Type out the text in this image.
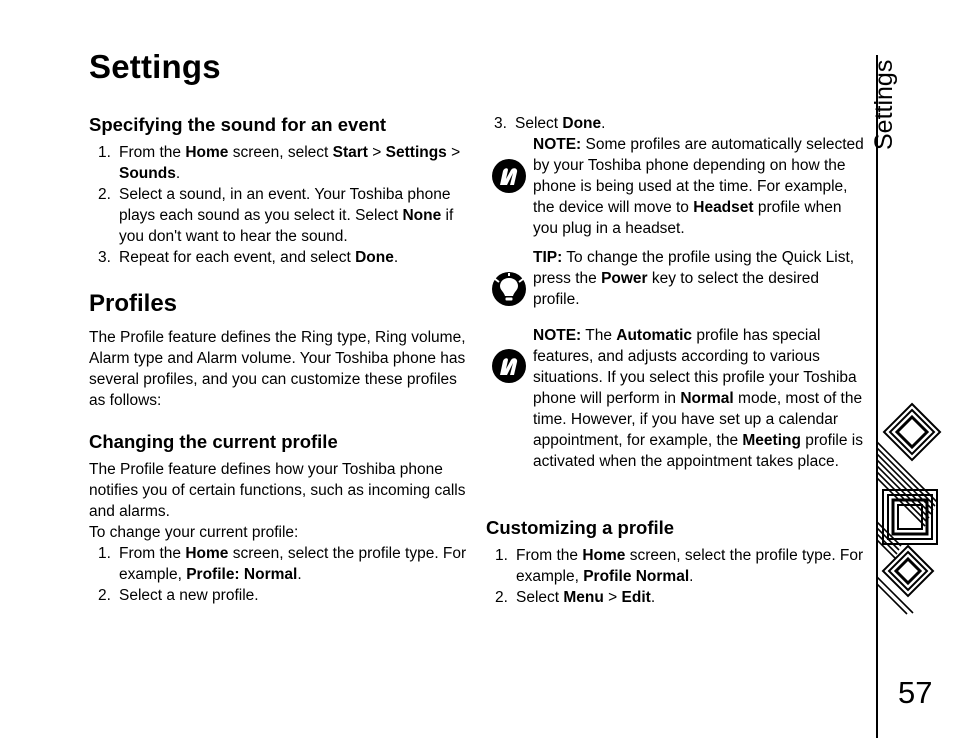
Settings
Specifying the sound for an event
1. From the Home screen, select Start > Settings > Sounds.
2. Select a sound, in an event. Your Toshiba phone plays each sound as you select it. Select None if you don't want to hear the sound.
3. Repeat for each event, and select Done.
Profiles

The Profile feature defines the Ring type, Ring volume, Alarm type and Alarm volume. Your Toshiba phone has several profiles, and you can customize these profiles as follows:

Changing the current profile

The Profile feature defines how your Toshiba phone notifies you of certain functions, such as incoming calls and alarms.

To change your current profile:

1. From the Home screen, select the profile type. For example, Profile: Normal.
2. Select a new profile.
3. Select Done.

NOTE: Some profiles are automatically selected by your Toshiba phone depending on how the phone is being used at the time. For example, the device will move to Headset profile when you plug in a headset.

TIP: To change the profile using the Quick List, press the Power key to select the desired profile.

NOTE: The Automatic profile has special features, and adjusts according to various situations. If you select this profile your Toshiba phone will perform in Normal mode, most of the time. However, if you have set up a calendar appointment, for example, the Meeting profile is activated when the appointment takes place.

Customizing a profile
1. From the Home screen, select the profile type. For example, Profile Normal.
2. Select Menu > Edit.
Settings
57
